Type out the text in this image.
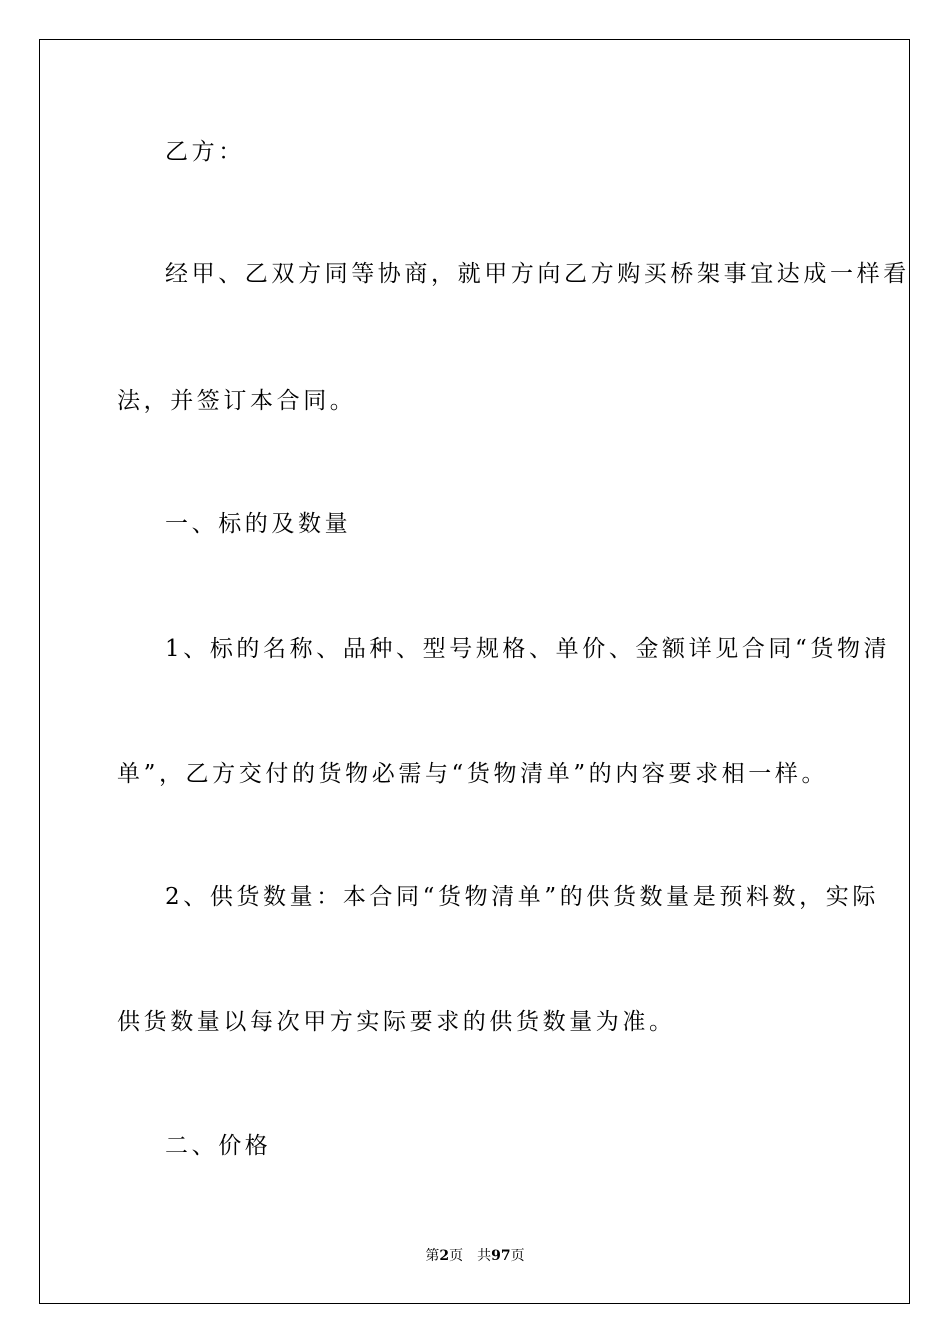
乙方：
经甲、乙双方同等协商，就甲方向乙方购买桥架事宜达成一样看
法，并签订本合同。
一、标的及数量
1、标的名称、品种、型号规格、单价、金额详见合同“货物清
单”，乙方交付的货物必需与“货物清单”的内容要求相一样。
2、供货数量：本合同“货物清单”的供货数量是预料数，实际
供货数量以每次甲方实际要求的供货数量为准。
二、价格
第2页 共97页
